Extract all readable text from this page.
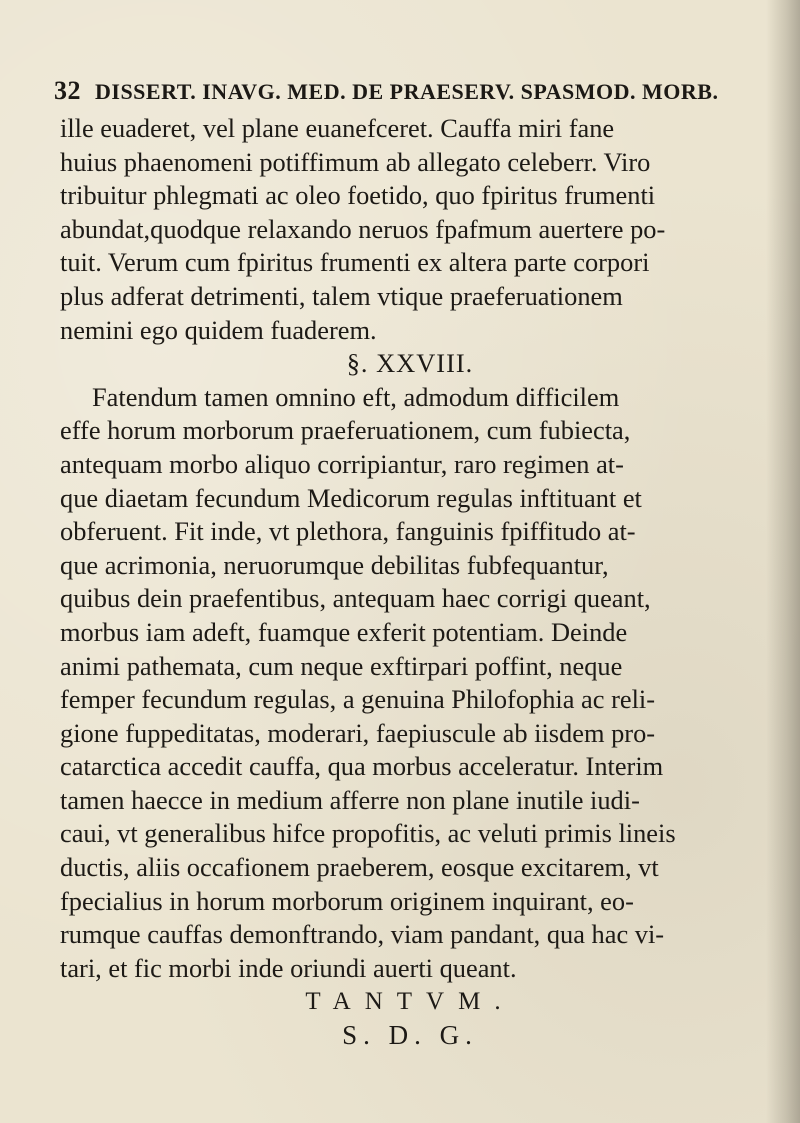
32 DISSERT. INAVG. MED. DE PRAESERV. SPASMOD. MORB.
ille euaderet, vel plane euanefceret. Cauffa miri fane
huius phaenomeni potiffimum ab allegato celeberr. Viro
tribuitur phlegmati ac oleo foetido, quo fpiritus frumenti
abundat,quodque relaxando neruos fpafmum auertere po-
tuit. Verum cum fpiritus frumenti ex altera parte corpori
plus adferat detrimenti, talem vtique praeferuationem
nemini ego quidem fuaderem.
§. XXVIII.
Fatendum tamen omnino eft, admodum difficilem
effe horum morborum praeferuationem, cum fubiecta,
antequam morbo aliquo corripiantur, raro regimen at-
que diaetam fecundum Medicorum regulas inftituant et
obferuent. Fit inde, vt plethora, fanguinis fpiffitudo at-
que acrimonia, neruorumque debilitas fubfequantur,
quibus dein praefentibus, antequam haec corrigi queant,
morbus iam adeft, fuamque exferit potentiam. Deinde
animi pathemata, cum neque exftirpari poffint, neque
femper fecundum regulas, a genuina Philofophia ac reli-
gione fuppeditatas, moderari, faepiuscule ab iisdem pro-
catarctica accedit cauffa, qua morbus acceleratur. Interim
tamen haecce in medium afferre non plane inutile iudi-
caui, vt generalibus hifce propofitis, ac veluti primis lineis
ductis, aliis occafionem praeberem, eosque excitarem, vt
fpecialius in horum morborum originem inquirant, eo-
rumque cauffas demonftrando, viam pandant, qua hac vi-
tari, et fic morbi inde oriundi auerti queant.
TANTVM.
S. D. G.
